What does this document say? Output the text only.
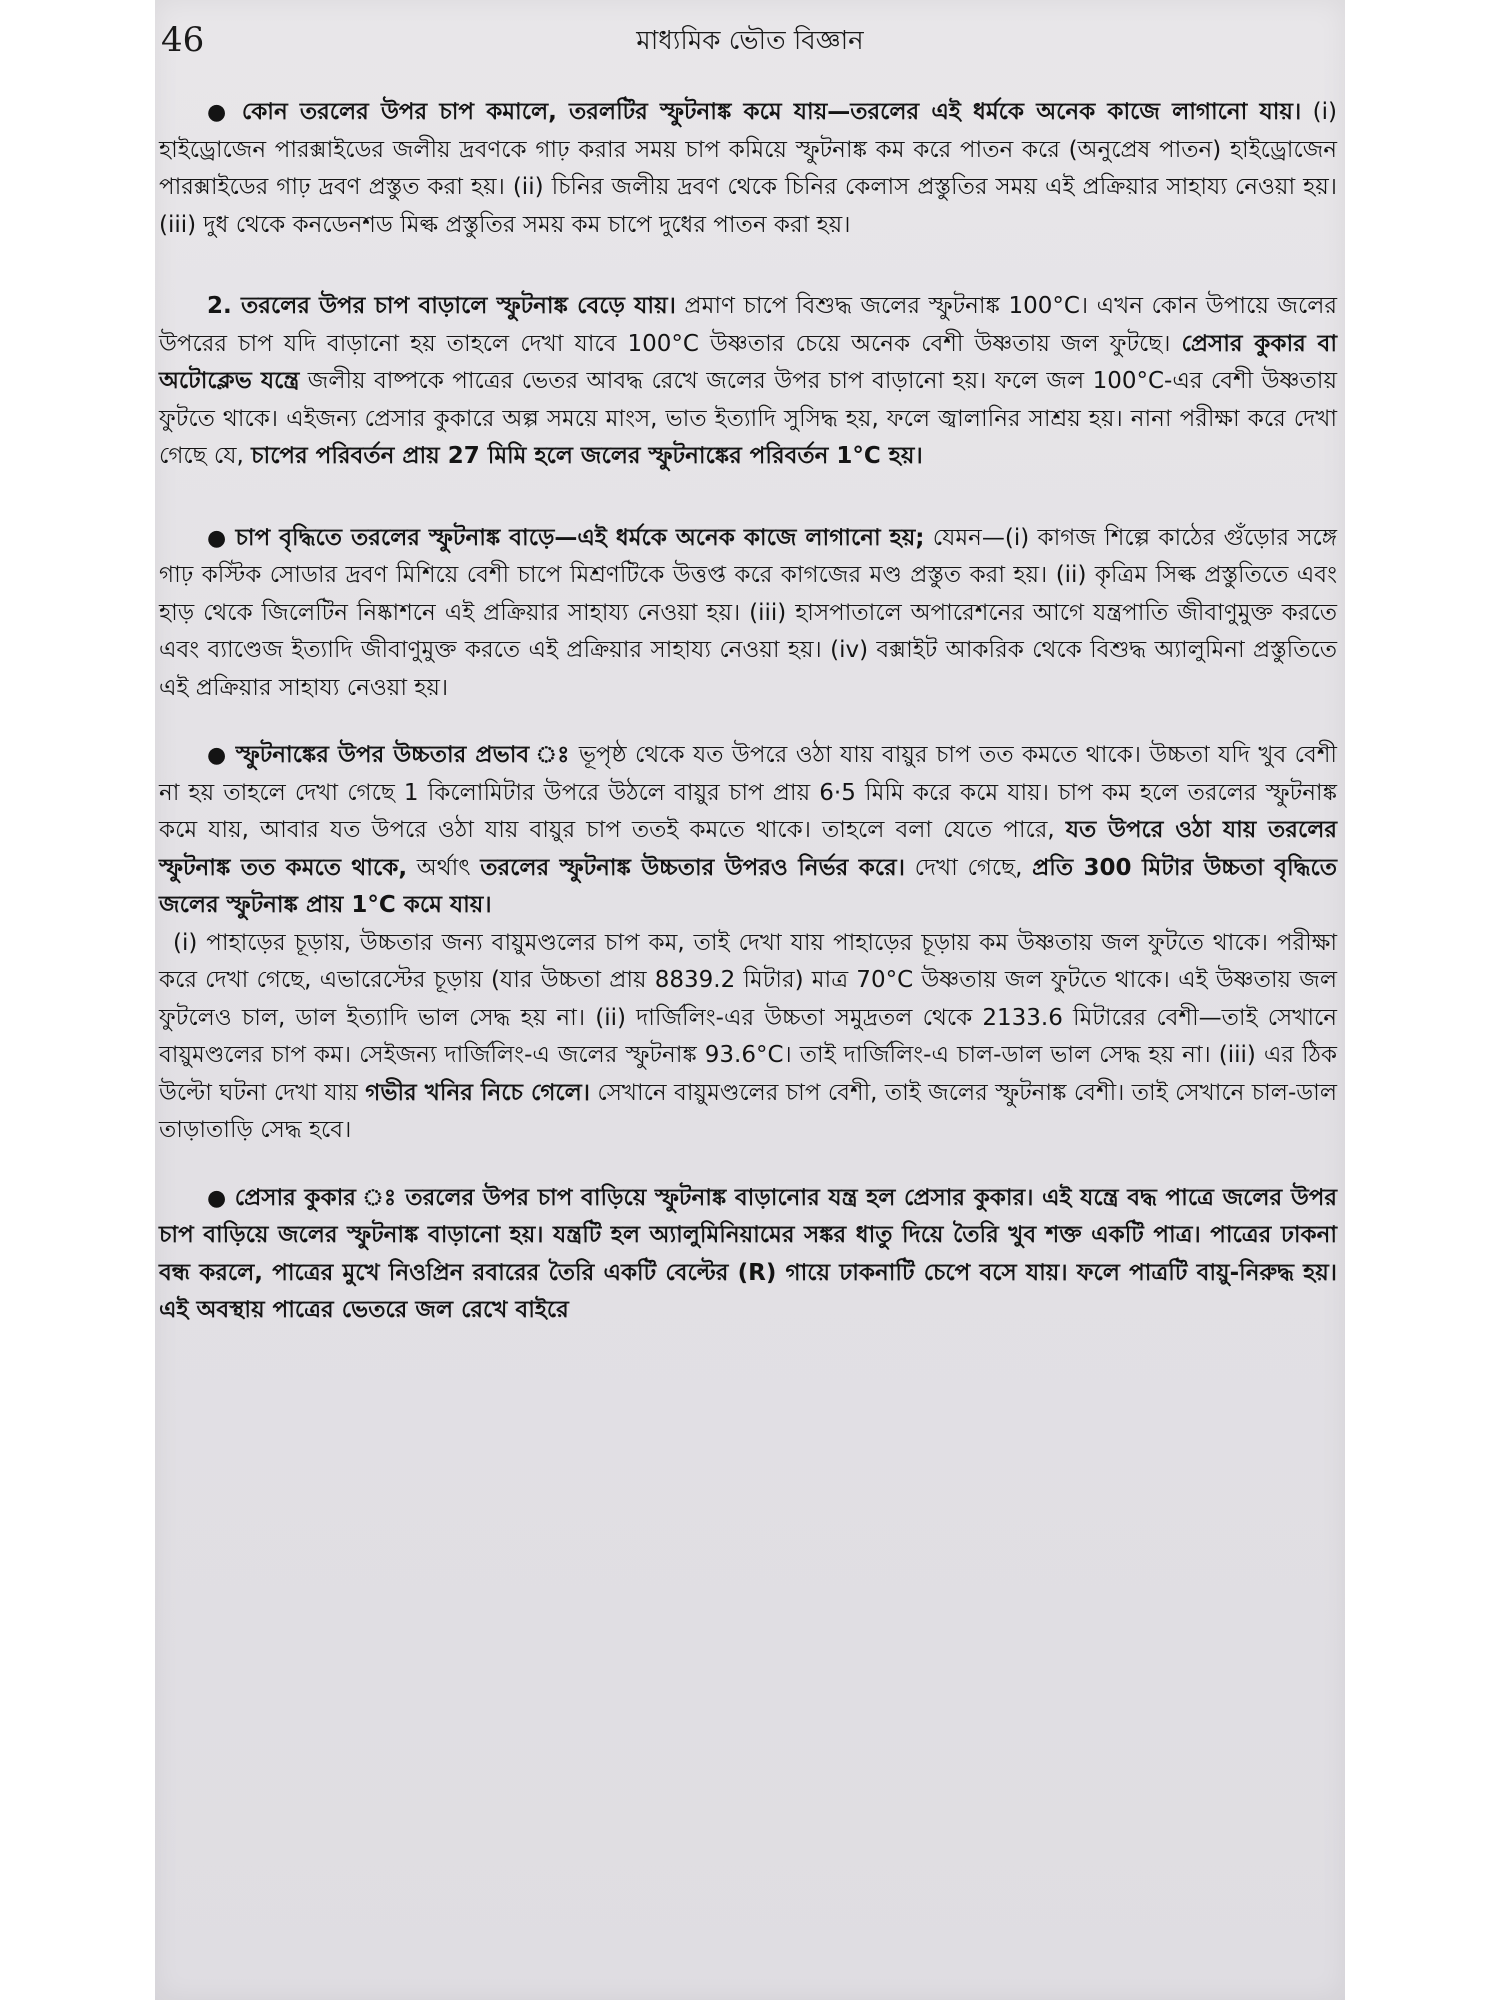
46	মাধ্যমিক ভৌত বিজ্ঞান

● কোন তরলের উপর চাপ কমালে, তরলটির স্ফুটনাঙ্ক কমে যায়—তরলের এই ধর্মকে অনেক কাজে লাগানো যায়। (i) হাইড্রোজেন পারক্সাইডের জলীয় দ্রবণকে গাঢ় করার সময় চাপ কমিয়ে স্ফুটনাঙ্ক কম করে পাতন করে (অনুপ্রেষ পাতন) হাইড্রোজেন পারক্সাইডের গাঢ় দ্রবণ প্রস্তুত করা হয়। (ii) চিনির জলীয় দ্রবণ থেকে চিনির কেলাস প্রস্তুতির সময় এই প্রক্রিয়ার সাহায্য নেওয়া হয়। (iii) দুধ থেকে কনডেনশড মিল্ক প্রস্তুতির সময় কম চাপে দুধের পাতন করা হয়।

2. তরলের উপর চাপ বাড়ালে স্ফুটনাঙ্ক বেড়ে যায়। প্রমাণ চাপে বিশুদ্ধ জলের স্ফুটনাঙ্ক 100°C। এখন কোন উপায়ে জলের উপরের চাপ যদি বাড়ানো হয় তাহলে দেখা যাবে 100°C উষ্ণতার চেয়ে অনেক বেশী উষ্ণতায় জল ফুটছে। প্রেসার কুকার বা অটোক্লেভ যন্ত্রে জলীয় বাষ্পকে পাত্রের ভেতর আবদ্ধ রেখে জলের উপর চাপ বাড়ানো হয়। ফলে জল 100°C-এর বেশী উষ্ণতায় ফুটতে থাকে। এইজন্য প্রেসার কুকারে অল্প সময়ে মাংস, ভাত ইত্যাদি সুসিদ্ধ হয়, ফলে জ্বালানির সাশ্রয় হয়। নানা পরীক্ষা করে দেখা গেছে যে, চাপের পরিবর্তন প্রায় 27 মিমি হলে জলের স্ফুটনাঙ্কের পরিবর্তন 1°C হয়।

● চাপ বৃদ্ধিতে তরলের স্ফুটনাঙ্ক বাড়ে—এই ধর্মকে অনেক কাজে লাগানো হয়; যেমন—(i) কাগজ শিল্পে কাঠের গুঁড়োর সঙ্গে গাঢ় কস্টিক সোডার দ্রবণ মিশিয়ে বেশী চাপে মিশ্রণটিকে উত্তপ্ত করে কাগজের মণ্ড প্রস্তুত করা হয়। (ii) কৃত্রিম সিল্ক প্রস্তুতিতে এবং হাড় থেকে জিলেটিন নিষ্কাশনে এই প্রক্রিয়ার সাহায্য নেওয়া হয়। (iii) হাসপাতালে অপারেশনের আগে যন্ত্রপাতি জীবাণুমুক্ত করতে এবং ব্যাণ্ডেজ ইত্যাদি জীবাণুমুক্ত করতে এই প্রক্রিয়ার সাহায্য নেওয়া হয়। (iv) বক্সাইট আকরিক থেকে বিশুদ্ধ অ্যালুমিনা প্রস্তুতিতে এই প্রক্রিয়ার সাহায্য নেওয়া হয়।

● স্ফুটনাঙ্কের উপর উচ্চতার প্রভাব ঃ ভূপৃষ্ঠ থেকে যত উপরে ওঠা যায় বায়ুর চাপ তত কমতে থাকে। উচ্চতা যদি খুব বেশী না হয় তাহলে দেখা গেছে 1 কিলোমিটার উপরে উঠলে বায়ুর চাপ প্রায় 6·5 মিমি করে কমে যায়। চাপ কম হলে তরলের স্ফুটনাঙ্ক কমে যায়, আবার যত উপরে ওঠা যায় বায়ুর চাপ ততই কমতে থাকে। তাহলে বলা যেতে পারে, যত উপরে ওঠা যায় তরলের স্ফুটনাঙ্ক তত কমতে থাকে, অর্থাৎ তরলের স্ফুটনাঙ্ক উচ্চতার উপরও নির্ভর করে। দেখা গেছে, প্রতি 300 মিটার উচ্চতা বৃদ্ধিতে জলের স্ফুটনাঙ্ক প্রায় 1°C কমে যায়।

(i) পাহাড়ের চূড়ায়, উচ্চতার জন্য বায়ুমণ্ডলের চাপ কম, তাই দেখা যায় পাহাড়ের চূড়ায় কম উষ্ণতায় জল ফুটতে থাকে। পরীক্ষা করে দেখা গেছে, এভারেস্টের চূড়ায় (যার উচ্চতা প্রায় 8839.2 মিটার) মাত্র 70°C উষ্ণতায় জল ফুটতে থাকে। এই উষ্ণতায় জল ফুটলেও চাল, ডাল ইত্যাদি ভাল সেদ্ধ হয় না। (ii) দার্জিলিং-এর উচ্চতা সমুদ্রতল থেকে 2133.6 মিটারের বেশী—তাই সেখানে বায়ুমণ্ডলের চাপ কম। সেইজন্য দার্জিলিং-এ জলের স্ফুটনাঙ্ক 93.6°C। তাই দার্জিলিং-এ চাল-ডাল ভাল সেদ্ধ হয় না। (iii) এর ঠিক উল্টো ঘটনা দেখা যায় গভীর খনির নিচে গেলে। সেখানে বায়ুমণ্ডলের চাপ বেশী, তাই জলের স্ফুটনাঙ্ক বেশী। তাই সেখানে চাল-ডাল তাড়াতাড়ি সেদ্ধ হবে।

● প্রেসার কুকার ঃ তরলের উপর চাপ বাড়িয়ে স্ফুটনাঙ্ক বাড়ানোর যন্ত্র হল প্রেসার কুকার। এই যন্ত্রে বদ্ধ পাত্রে জলের উপর চাপ বাড়িয়ে জলের স্ফুটনাঙ্ক বাড়ানো হয়। যন্ত্রটি হল অ্যালুমিনিয়ামের সঙ্কর ধাতু দিয়ে তৈরি খুব শক্ত একটি পাত্র। পাত্রের ঢাকনা বন্ধ করলে, পাত্রের মুখে নিওপ্রিন রবারের তৈরি একটি বেল্টের (R) গায়ে ঢাকনাটি চেপে বসে যায়। ফলে পাত্রটি বায়ু-নিরুদ্ধ হয়। এই অবস্থায় পাত্রের ভেতরে জল রেখে বাইরে
